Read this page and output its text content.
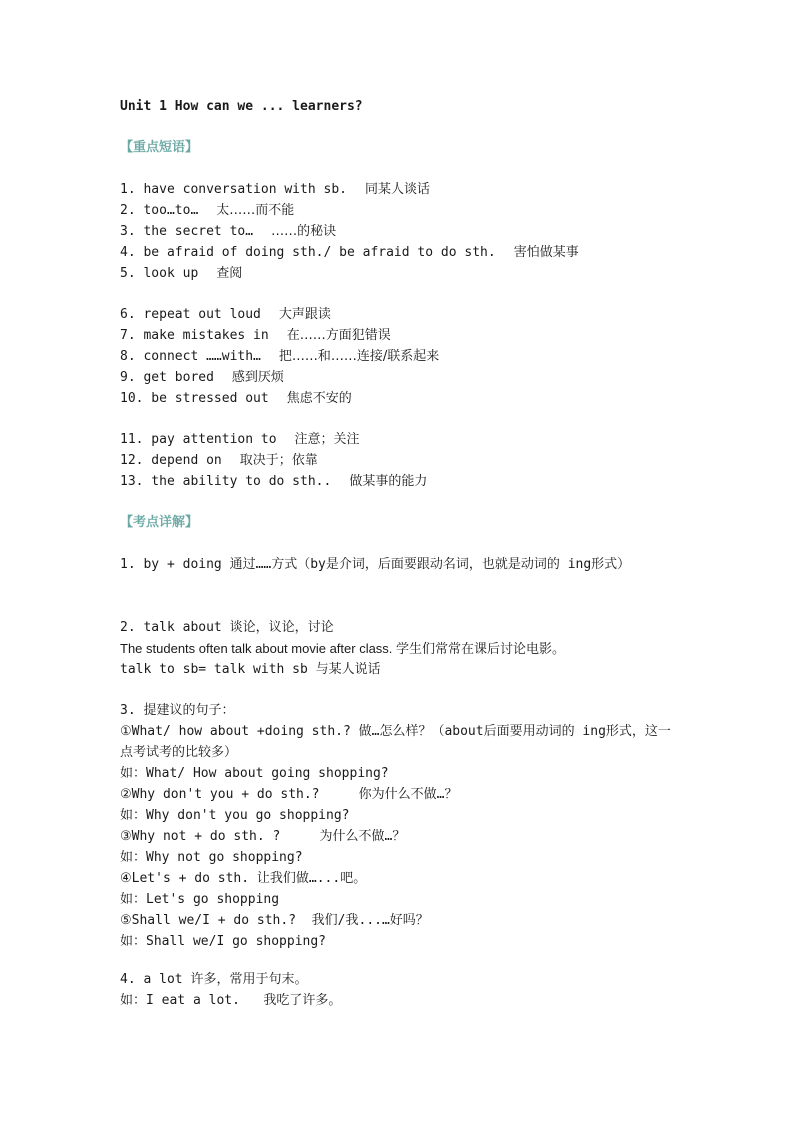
Unit 1 How can we ... learners?
【重点短语】
1. have conversation with sb. 同某人谈话
2. too…to… 太……而不能
3. the secret to… ……的秘诀
4. be afraid of doing sth./ be afraid to do sth. 害怕做某事
5. look up 查阅
6. repeat out loud 大声跟读
7. make mistakes in 在……方面犯错误
8. connect ……with… 把……和……连接/联系起来
9. get bored 感到厌烦
10. be stressed out 焦虑不安的
11. pay attention to 注意；关注
12. depend on 取决于；依靠
13. the ability to do sth.. 做某事的能力
【考点详解】
1. by + doing 通过……方式（by是介词，后面要跟动名词，也就是动词的 ing形式）
2. talk about 谈论，议论，讨论
The students often talk about movie after class. 学生们常常在课后讨论电影。
talk to sb= talk with sb 与某人说话
3. 提建议的句子：
①What/ how about +doing sth.? 做…怎么样？（about后面要用动词的 ing形式，这一点考试考的比较多）
如：What/ How about going shopping?
②Why don't you + do sth.?     你为什么不做…？
如：Why don't you go shopping?
③Why not + do sth. ?     为什么不做…？
如：Why not go shopping?
④Let's + do sth. 让我们做…...吧。
如：Let's go shopping
⑤Shall we/I + do sth.?  我们/我...…好吗？
如：Shall we/I go shopping?
4. a lot 许多，常用于句末。
如：I eat a lot.   我吃了许多。
